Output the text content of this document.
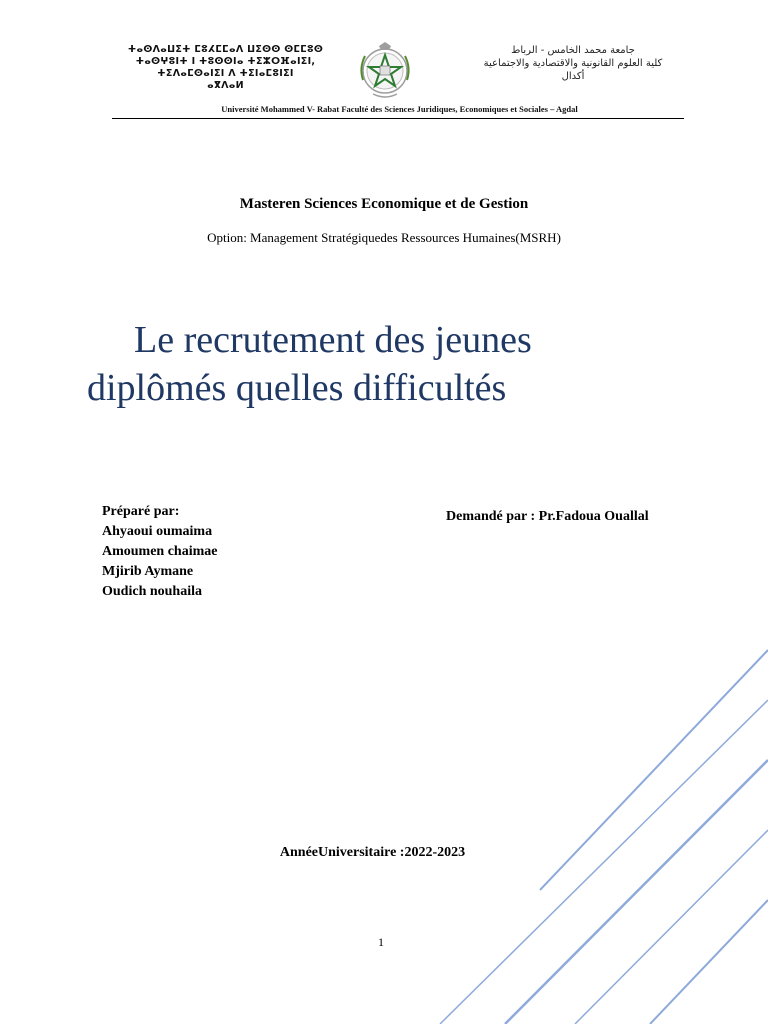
ⵜⴰⵙⴷⴰⵡⵉⵜ ⵎⵓⵃⵎⵎⴰⴷ ⵡⵉⵙⵙ ⵙⵎⵎⵓⵙ
ⵜⴰⵙⵖⵓⵏⵜ ⵏ ⵜⵓⵙⵙⵏⴰ ⵜⵉⵣⵔⴼⴰⵏⵉⵏ,
ⵜⵉⴷⴰⵎⵙⴰⵏⵉⵏ ⴷ ⵜⵉⵏⴰⵎⵓⵏⵉⵏ
ⴰⴳⴷⴰⵍ
جامعة محمد الخامس - الرباط
كلية العلوم القانونية والاقتصادية والاجتماعية
أكدال
Université Mohammed V- Rabat Faculté des Sciences Juridiques, Economiques et Sociales – Agdal
Masteren Sciences Economique et de Gestion
Option: Management Stratégiquedes Ressources Humaines(MSRH)
Le recrutement des jeunes
diplômés quelles difficultés
Préparé par:
Ahyaoui oumaima
Amoumen chaimae
Mjirib Aymane
Oudich nouhaila
Demandé par : Pr.Fadoua Ouallal
AnnéeUniversitaire :2022-2023
1
